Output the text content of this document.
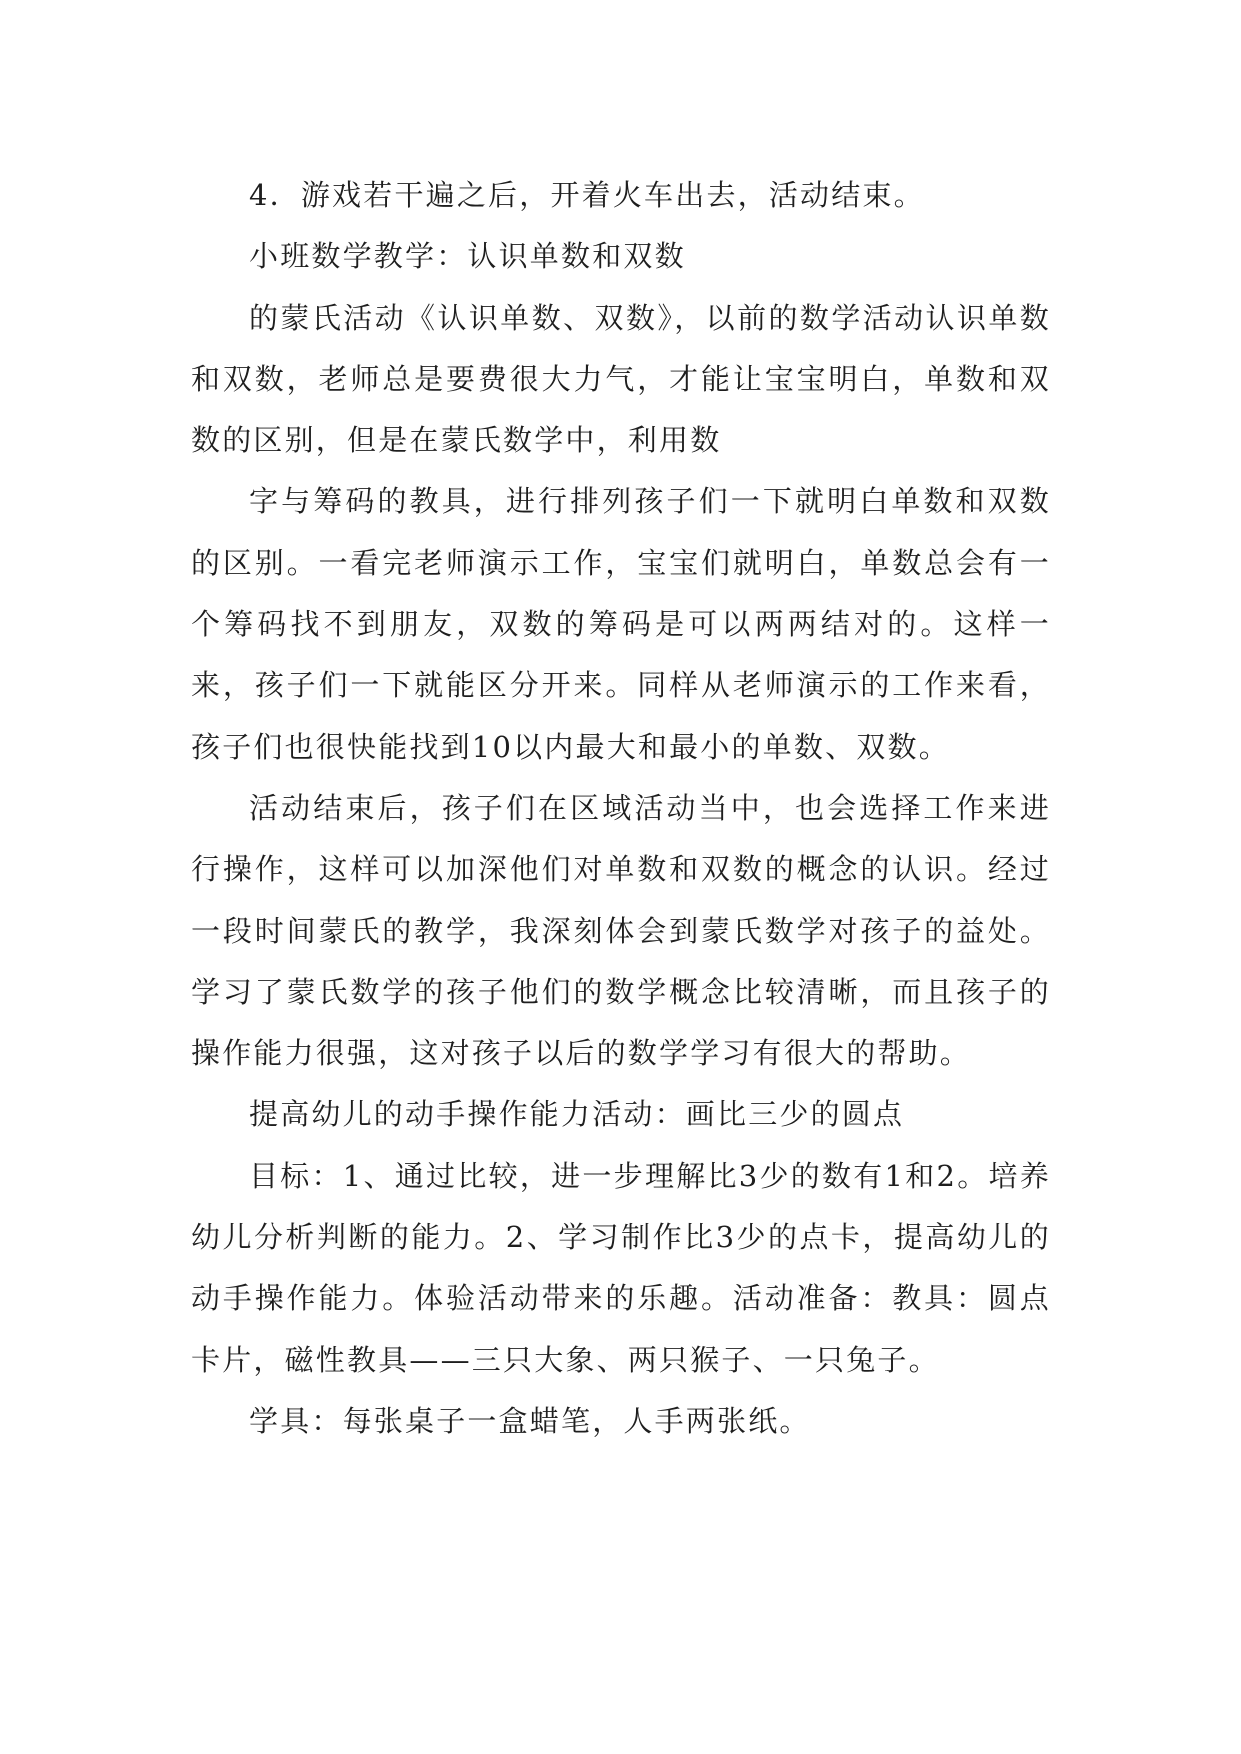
4．游戏若干遍之后，开着火车出去，活动结束。

小班数学教学：认识单数和双数

的蒙氏活动《认识单数、双数》，以前的数学活动认识单数和双数，老师总是要费很大力气，才能让宝宝明白，单数和双数的区别，但是在蒙氏数学中，利用数

字与筹码的教具，进行排列孩子们一下就明白单数和双数的区别。一看完老师演示工作，宝宝们就明白，单数总会有一个筹码找不到朋友，双数的筹码是可以两两结对的。这样一来，孩子们一下就能区分开来。同样从老师演示的工作来看，孩子们也很快能找到10以内最大和最小的单数、双数。

活动结束后，孩子们在区域活动当中，也会选择工作来进行操作，这样可以加深他们对单数和双数的概念的认识。经过一段时间蒙氏的教学，我深刻体会到蒙氏数学对孩子的益处。学习了蒙氏数学的孩子他们的数学概念比较清晰，而且孩子的操作能力很强，这对孩子以后的数学学习有很大的帮助。

提高幼儿的动手操作能力活动：画比三少的圆点

目标：1、通过比较，进一步理解比3少的数有1和2。培养幼儿分析判断的能力。2、学习制作比3少的点卡，提高幼儿的动手操作能力。体验活动带来的乐趣。活动准备：教具：圆点卡片，磁性教具——三只大象、两只猴子、一只兔子。

学具：每张桌子一盒蜡笔，人手两张纸。
